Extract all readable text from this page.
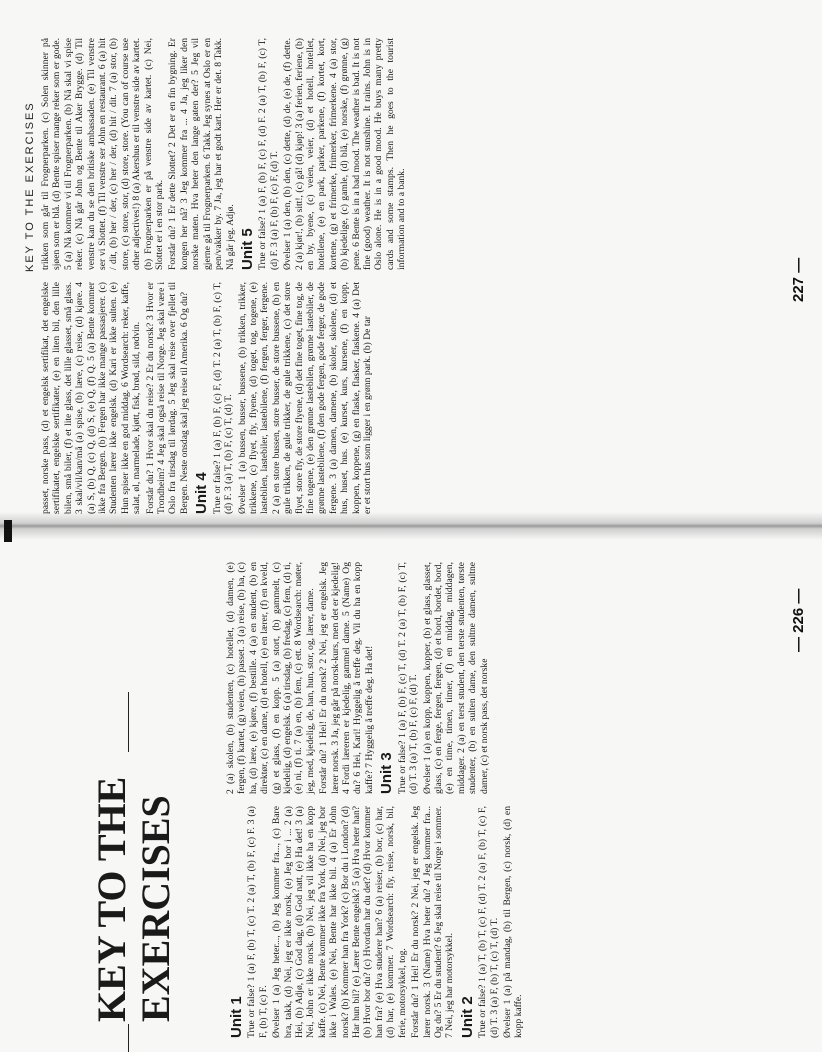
KEY TO THE EXERCISES	Unit 1 True or false? 1 (a) F, (b) T, (c) T. 2 (a) T, (b) F, (c) F. 3 (a) F, (b) T, (c) F. Øvelser 1 (a) Jeg heter..., (b) Jeg kommer fra..., (c) Bare bra, takk, (d) Nei, jeg er ikke norsk, (e) Jeg bor i ... 2 (a) Hei, (b) Adjø, (c) God dag, (d) God natt, (e) Ha det! 3 (a) Nei, John er ikke norsk. (b) Nei, jeg vil ikke ha en kopp kaffe. (c) Nei, Bente kommer ikke fra York. (d) Nei, jeg bor ikke i Wales. (e) Nei, Bente har ikke bil. 4 (a) Er John norsk? (b) Kommer han fra York? (c) Bor du i London? (d) Har hun bil? (e) Lærer Bente engelsk? 5 (a) Hva heter han? (b) Hvor bor du? (c) Hvordan har du det? (d) Hvor kommer han fra? (e) Hva studerer han? 6 (a) reiser, (b) bor, (c) har, (d) har, (e) kommer. 7 Wordsearch: fly, reise, norsk, bil, ferie, motorsykkel, tog. Forstår du? 1 Hei! Er du norsk? 2 Nei, jeg er engelsk. Jeg lærer norsk. 3 (Name) Hva heter du? 4 Jeg kommer fra... Og du? 5 Er du student? 6 Jeg skal reise til Norge i sommer. 7 Nei, jeg har motorsykkel. Unit 2 True or false? 1 (a) T, (b) T, (c) F, (d) T. 2 (a) F, (b) T, (c) F, (d) T. 3 (a) F, (b) T, (c) T, (d) T. Øvelser 1 (a) på mandag, (b) til Bergen, (c) norsk, (d) en kopp kaffe.

2 (a) skolen, (b) studenten, (c) hotellet, (d) damen, (e) fergen, (f) kartet, (g) veien, (h) passet. 3 (a) reise, (b) ha, (c) ha, (d) lære, (e) kjøre, (f) bestille. 4 (a) en student, (b) en direktør, (c) en dame, (d) et hotell, (e) en lærer, (f) en kveld, (g) et glass, (f) en kopp. 5 (a) stort, (b) gammelt, (c) kjedelig, (d) engelsk. 6 (a) tirsdag, (b) fredag, (c) fem, (d) ti, (e) ni, (f) ti. 7 (a) en, (b) fem, (c) ett. 8 Wordsearch: møter, jeg, med, kjedelig, de, han, hun, stor, og, lærer, dame. Forstår du? 1 Hei! Er du norsk? 2 Nei, jeg er engelsk. Jeg lærer norsk. 3 Ja, jeg går på norsk-kurs, men det er kjedelig! 4 Fordi læreren er kjedelig, gammel dame. 5 (Name) Og du? 6 Hei, Kari! Hyggelig å treffe deg. Vil du ha en kopp kaffe? 7 Hyggelig å treffe deg. Ha det! Unit 3 True or false? 1 (a) F, (b) F, (c) T, (d) T. 2 (a) T, (b) F, (c) T, (d) T. 3 (a) T, (b) F, (c) F, (d) T. Øvelser 1 (a) en kopp, koppen, kopper, (b) et glass, glasset, glass, (c) en ferge, fergen, fergen, (d) et bord, bordet, bord, (e) en time, timen, timer, (f) en middag, middagen, middager. 2 (a) en terst student, den terste studenten, tørste studenter, (b) en sulten dame, den sultne damen, sultne damer, (c) et norsk pass, det norske

— 226 —

passet, norske pass, (d) et engelsk sertifikat, det engelske sertifikatet, engelske sertifikater, (e) en liten bil, den lille bilen, små biler, (f) et lite glass, det lille glasset, små glass. 3 skal/vil/kan/må (a) spise, (b) lære, (c) reise, (d) kjøre. 4 (a) S, (b) Q, (c) Q, (d) S, (e) Q, (f) Q. 5 (a) Bente kommer ikke fra Bergen. (b) Fergen har ikke mange passasjerer. (c) Studenten lærer ikke engelsk. (d) Kari er ikke sulten. (e) Hun spiser ikke en god middag. 6 Wordsearch: reker, kaffe, salat, øl, marmelade, kjøtt, fisk, brød, sild, rødvin. Forstår du? 1 Hvor skal du reise? 2 Er du norsk? 3 Hvor er Trondheim? 4 Jeg skal også reise til Norge. Jeg skal være i Oslo fra tirsdag til lørdag. 5 Jeg skal reise over fjellet til Bergen. Neste onsdag skal jeg reise til Amerika. 6 Og du? Unit 4 True or false? 1 (a) F, (b) F, (c) F, (d) T. 2 (a) T, (b) F, (c) T, (d) F. 3 (a) T, (b) F, (c) T, (d) T. Øvelser 1 (a) bussen, busser, bussene, (b) trikken, trikker, trikkene, (c) flyet, fly, flyene, (d) toget, tog, togene, (e) lastebilen, lastebiler, lastebilene, (f) fergen, ferger, fergene. 2 (a) en store bussen, store busser, de store bussene, (b) en gule trikken, de gule trikker, de gule trikkene, (c) det store flyet, store fly, de store flyene, (d) det fine toget, fine tog, de fine togene, (e) den grønne lastebilen, grønne lastebiler, de grønne lastebilene, (f) den gode fergen, gode ferger, de gode fergene. 3 (a) damen, damene, (b) skoler, skolene, (d) et hus, huset, hus. (e) kurset, kurs, kursene, (f) en kopp, koppen, koppene, (g) en flaske, flasker, flaskene. 4 (a) Det er et stort hus som ligger i en grønn park. (b) De tar

trikken som går til Frognerparken. (c) Solen skinner på sjøen som er blå. (d) Bente spiser mange reker som er gode. 5 (a) Nå kommer vi til Frognerparken. (b) Nå skal vi spise reker. (c) Nå går John og Bente til Aker Brygge. (d) Til venstre kan du se den britiske ambassaden. (e) Til venstre ser vi Slottet. (f) Til venstre ser John en restaurant. 6 (a) hit / dit, (b) her / der, (c) her / der, (d) hit / dit. 7 (a) stor, (b) store, (c) store, stor, (d) store, store. (You can of course use other adjectives!) 8 (a) Akershus er til venstre side av kartet. (b) Frognerparken er på venstre side av kartet. (c) Nei, Slottet er i en stor park. Forstår du? 1 Er dette Slottet? 2 Det er en fin bygning. Er kongen her nå? 3 Jeg kommer fra ... 4 Ja, jeg liker den norske maten. Hva heter den lange gaten der? 5 Jeg vil gjerne gå til Frognerparken. 6 Takk. Jeg synes at Oslo er en pen/vakker by. 7 Ja, jeg har et godt kart. Her er det. 8 Takk. Nå går jeg. Adjø. Unit 5 True or false? 1 (a) F, (b) F, (c) F, (d) F. 2 (a) T, (b) F, (c) T, (d) F. 3 (a) F, (b) F, (c) F, (d) T. Øvelser 1 (a) den, (b) den, (c) dette, (d) de, (e) de, (f) dette. 2 (a) kjør!, (b) sitt!, (c) gå! (d) kjøp! 3 (a) ferien, feriene, (b) en by, byene, (c) veien, veier, (d) et hotell, hotellet, hotellene, (e) en park, parker, parkene, (f) kortet, kort, kortene, (g) et frimerke, frimerker, frimerkene. 4 (a) stor, (b) kjedelige, (c) gamle, (d) blå, (e) norske, (f) grønne, (g) pene. 6 Bente is in a bad mood. The weather is bad. It is not fine (good) weather. It is not sunshine. It rains. John is in Oslo alone. He is in a good mood. He buys many pretty cards and some stamps. Then he goes to the tourist information and to a bank.

227 —
KEY TO THE EXERCISES
